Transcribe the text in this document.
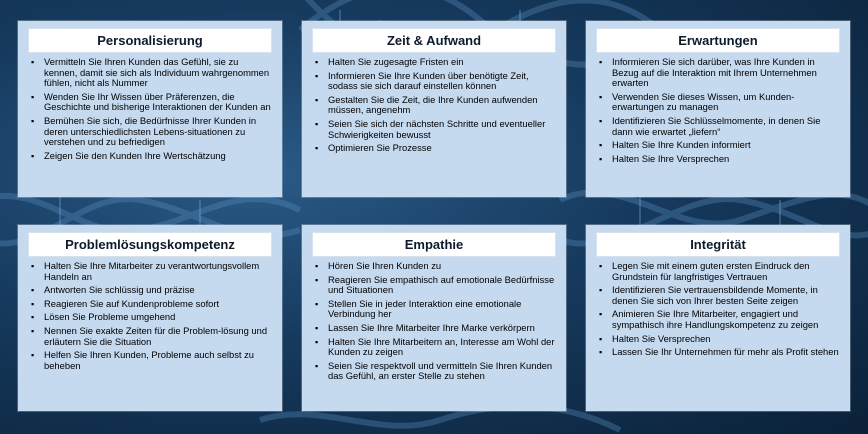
Personalisierung
▪ Vermitteln Sie Ihren Kunden das Gefühl, sie zu kennen, damit sie sich als Individuum wahrgenommen fühlen, nicht als Nummer
▪ Wenden Sie Ihr Wissen über Präferenzen, die Geschichte und bisherige Interaktionen der Kunden an
▪ Bemühen Sie sich, die Bedürfnisse Ihrer Kunden in deren unterschiedlichsten Lebens-situationen zu verstehen und zu befriedigen
▪ Zeigen Sie den Kunden Ihre Wertschätzung
Zeit & Aufwand
▪ Halten Sie zugesagte Fristen ein
▪ Informieren Sie Ihre Kunden über benötigte Zeit, sodass sie sich darauf einstellen können
▪ Gestalten Sie die Zeit, die Ihre Kunden aufwenden müssen, angenehm
▪ Seien Sie sich der nächsten Schritte und eventueller Schwierigkeiten bewusst
▪ Optimieren Sie Prozesse
Erwartungen
▪ Informieren Sie sich darüber, was Ihre Kunden in Bezug auf die Interaktion mit Ihrem Unternehmen erwarten
▪ Verwenden Sie dieses Wissen, um Kunden-erwartungen zu managen
▪ Identifizieren Sie Schlüsselmomente, in denen Sie dann wie erwartet „liefern“
▪ Halten Sie Ihre Kunden informiert
▪ Halten Sie Ihre Versprechen
Problemlösungskompetenz
▪ Halten Sie Ihre Mitarbeiter zu verantwortungsvollem Handeln an
▪ Antworten Sie schlüssig und präzise
▪ Reagieren Sie auf Kundenprobleme sofort
▪ Lösen Sie Probleme umgehend
▪ Nennen Sie exakte Zeiten für die Problem-lösung und erläutern Sie die Situation
▪ Helfen Sie Ihren Kunden, Probleme auch selbst zu beheben
Empathie
▪ Hören Sie Ihren Kunden zu
▪ Reagieren Sie empathisch auf emotionale Bedürfnisse und Situationen
▪ Stellen Sie in jeder Interaktion eine emotionale Verbindung her
▪ Lassen Sie Ihre Mitarbeiter Ihre Marke verkörpern
▪ Halten Sie Ihre Mitarbeitern an, Interesse am Wohl der Kunden zu zeigen
▪ Seien Sie respektvoll und vermitteln Sie Ihren Kunden das Gefühl, an erster Stelle zu stehen
Integrität
▪ Legen Sie mit einem guten ersten Eindruck den Grundstein für langfristiges Vertrauen
▪ Identifizieren Sie vertrauensbildende Momente, in denen Sie sich von Ihrer besten Seite zeigen
▪ Animieren Sie Ihre Mitarbeiter, engagiert und sympathisch ihre Handlungskompetenz zu zeigen
▪ Halten Sie Versprechen
▪ Lassen Sie Ihr Unternehmen für mehr als Profit stehen
